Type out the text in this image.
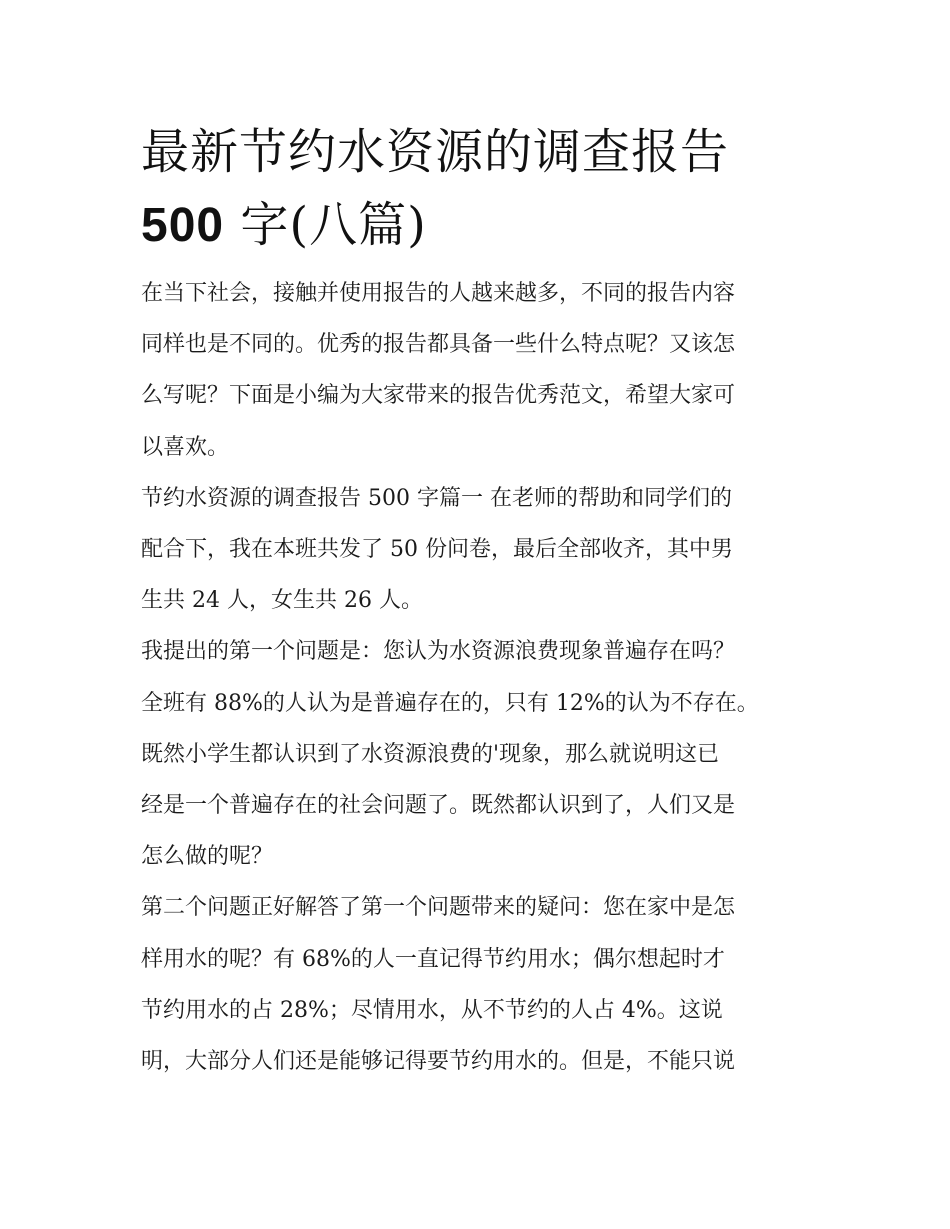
最新节约水资源的调查报告
500 字(八篇)

在当下社会，接触并使用报告的人越来越多，不同的报告内容
同样也是不同的。优秀的报告都具备一些什么特点呢？又该怎
么写呢？下面是小编为大家带来的报告优秀范文，希望大家可
以喜欢。

节约水资源的调查报告 500 字篇一 在老师的帮助和同学们的
配合下，我在本班共发了 50 份问卷，最后全部收齐，其中男
生共 24 人，女生共 26 人。

我提出的第一个问题是：您认为水资源浪费现象普遍存在吗？
全班有 88%的人认为是普遍存在的，只有 12%的认为不存在。
既然小学生都认识到了水资源浪费的'现象，那么就说明这已
经是一个普遍存在的社会问题了。既然都认识到了，人们又是
怎么做的呢？

第二个问题正好解答了第一个问题带来的疑问：您在家中是怎
样用水的呢？有 68%的人一直记得节约用水；偶尔想起时才
节约用水的占 28%；尽情用水，从不节约的人占 4%。这说
明，大部分人们还是能够记得要节约用水的。但是，不能只说
